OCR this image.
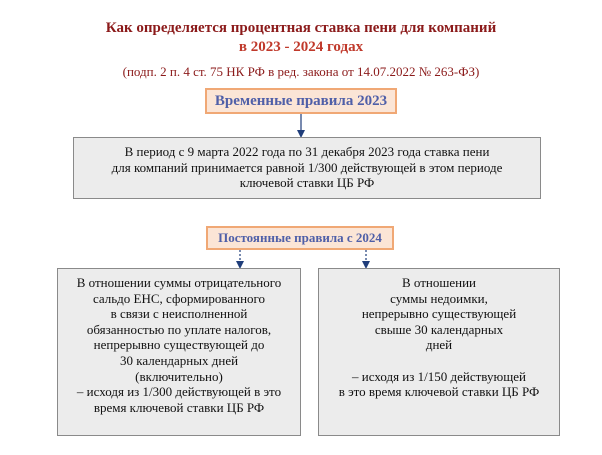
Как определяется процентная ставка пени для компаний
в 2023 - 2024 годах
(подп. 2 п. 4 ст. 75 НК РФ в ред. закона от 14.07.2022 № 263-ФЗ)
Временные правила 2023
В период с 9 марта 2022 года по 31 декабря 2023 года ставка пени
для компаний принимается равной 1/300 действующей в этом периоде
ключевой ставки ЦБ РФ
Постоянные правила с 2024
В отношении суммы отрицательного
сальдо ЕНС, сформированного
в связи с неисполненной
обязанностью по уплате налогов,
непрерывно существующей до
30 календарных дней
(включительно)
– исходя из 1/300 действующей в это
время ключевой ставки ЦБ РФ
В отношении
суммы недоимки,
непрерывно существующей
свыше 30 календарных
дней
– исходя из 1/150 действующей
в это время ключевой ставки ЦБ РФ
